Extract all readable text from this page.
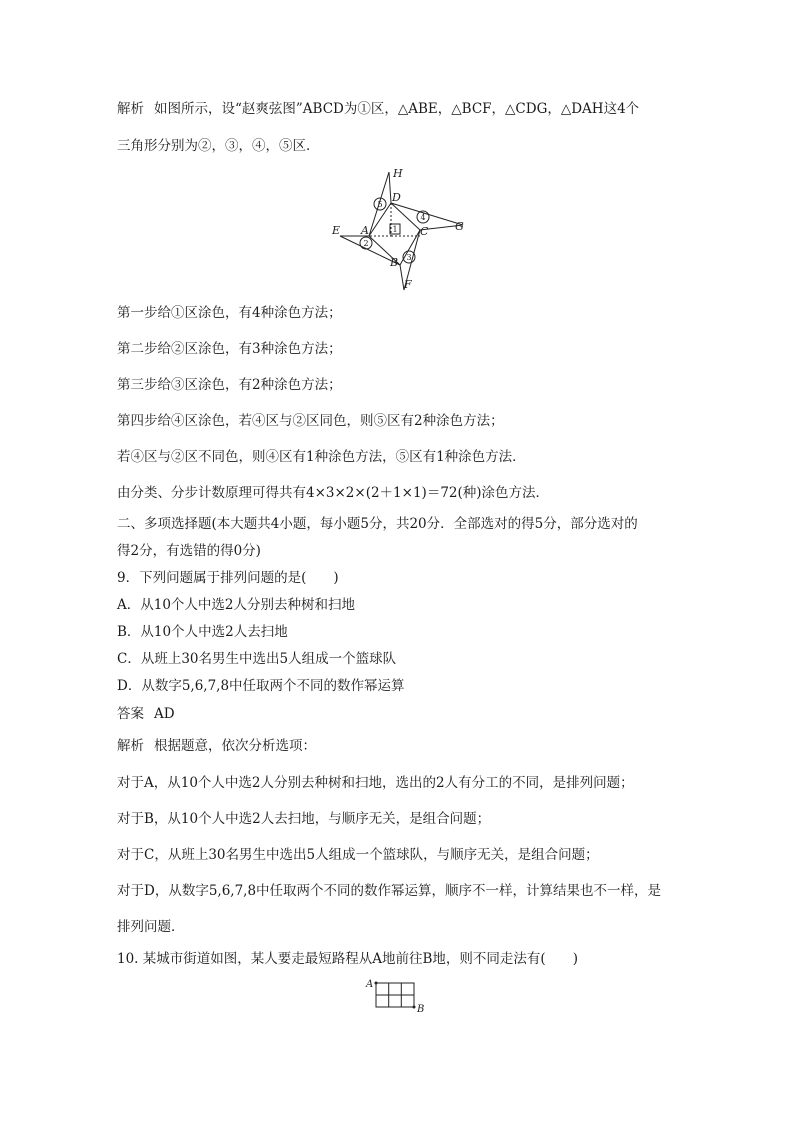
解析 如图所示，设“赵爽弦图”ABCD为①区，△ABE，△BCF，△CDG，△DAH这4个
三角形分别为②，③，④，⑤区．
H
D
E A	C G
B
F
5
4
2
3
1
第一步给①区涂色，有4种涂色方法；
第二步给②区涂色，有3种涂色方法；
第三步给③区涂色，有2种涂色方法；
第四步给④区涂色，若④区与②区同色，则⑤区有2种涂色方法；
若④区与②区不同色，则④区有1种涂色方法，⑤区有1种涂色方法．
由分类、分步计数原理可得共有4×3×2×(2＋1×1)＝72(种)涂色方法．
二、多项选择题(本大题共4小题，每小题5分，共20分．全部选对的得5分，部分选对的
得2分，有选错的得0分)
9．下列问题属于排列问题的是(　　)
A．从10个人中选2人分别去种树和扫地
B．从10个人中选2人去扫地
C．从班上30名男生中选出5人组成一个篮球队
D．从数字5,6,7,8中任取两个不同的数作幂运算
答案 AD
解析 根据题意，依次分析选项：
对于A，从10个人中选2人分别去种树和扫地，选出的2人有分工的不同，是排列问题；
对于B，从10个人中选2人去扫地，与顺序无关，是组合问题；
对于C，从班上30名男生中选出5人组成一个篮球队，与顺序无关，是组合问题；
对于D，从数字5,6,7,8中任取两个不同的数作幂运算，顺序不一样，计算结果也不一样，是
排列问题．
10. 某城市街道如图，某人要走最短路程从A地前往B地，则不同走法有(　　)
A
B
